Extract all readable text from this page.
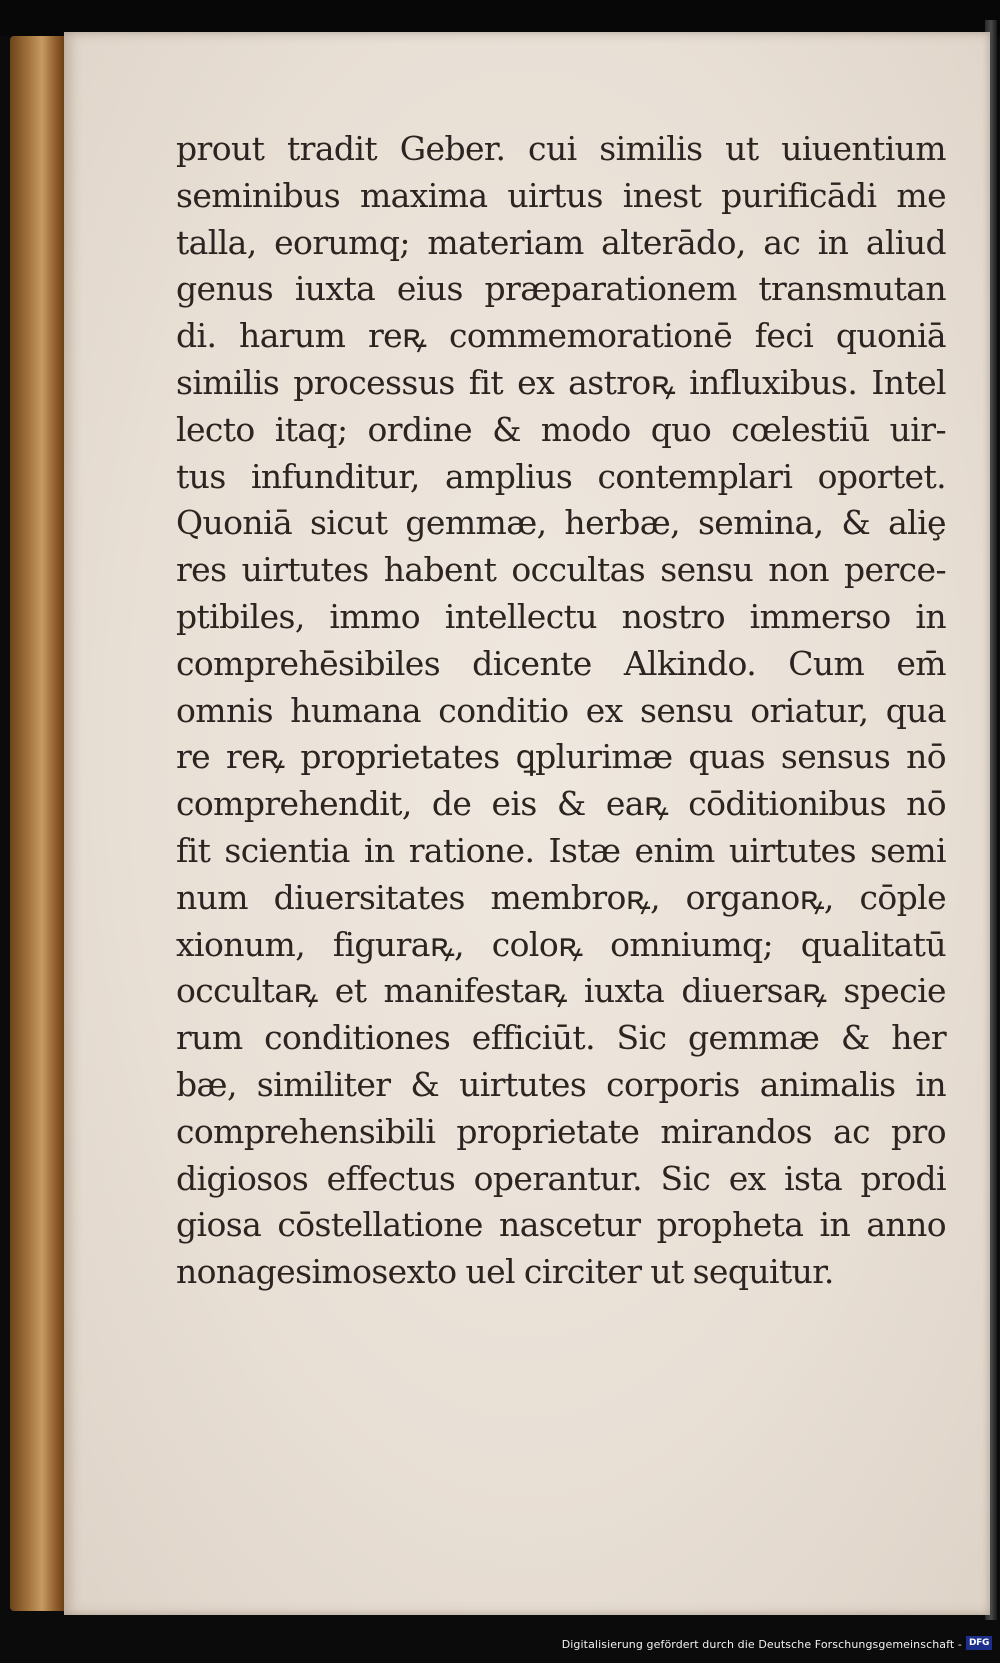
prout tradit Geber. cui similis ut uiuentium
seminibus maxima uirtus inest purificādi me
talla, eorumq; materiam alterādo, ac in aliud
genus iuxta eius præparationem transmutan
di. harum reꝶ commemorationē feci quoniā
similis processus fit ex astroꝶ influxibus. Intel
lecto itaq; ordine & modo quo cœlestiū uir-
tus infunditur, amplius contemplari oportet.
Quoniā sicut gemmæ, herbæ, semina, & aliȩ
res uirtutes habent occultas sensu non perce-
ptibiles, immo intellectu nostro immerso in
comprehēsibiles dicente Alkindo. Cum em̄
omnis humana conditio ex sensu oriatur, qua
re reꝶ proprietates ꝗplurimæ quas sensus nō
comprehendit, de eis & eaꝶ cōditionibus nō
fit scientia in ratione. Istæ enim uirtutes semi
num diuersitates membroꝶ, organoꝶ, cōple
xionum, figuraꝶ, coloꝶ omniumq; qualitatū
occultaꝶ et manifestaꝶ iuxta diuersaꝶ specie
rum conditiones efficiūt. Sic gemmæ & her
bæ, similiter & uirtutes corporis animalis in
comprehensibili proprietate mirandos ac pro
digiosos effectus operantur. Sic ex ista prodi
giosa cōstellatione nascetur propheta in anno
nonagesimosexto uel circiter ut sequitur.
Digitalisierung gefördert durch die Deutsche Forschungsgemeinschaft - DFG
